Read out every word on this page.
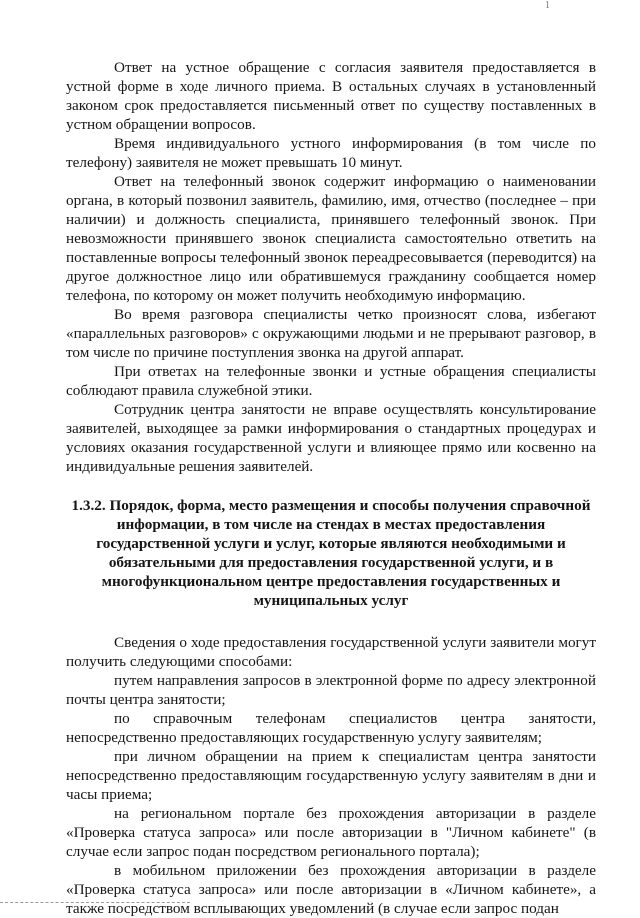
1

Ответ на устное обращение с согласия заявителя предоставляется в устной форме в ходе личного приема. В остальных случаях в установленный законом срок предоставляется письменный ответ по существу поставленных в устном обращении вопросов.

Время индивидуального устного информирования (в том числе по телефону) заявителя не может превышать 10 минут.

Ответ на телефонный звонок содержит информацию о наименовании органа, в который позвонил заявитель, фамилию, имя, отчество (последнее – при наличии) и должность специалиста, принявшего телефонный звонок. При невозможности принявшего звонок специалиста самостоятельно ответить на поставленные вопросы телефонный звонок переадресовывается (переводится) на другое должностное лицо или обратившемуся гражданину сообщается номер телефона, по которому он может получить необходимую информацию.

Во время разговора специалисты четко произносят слова, избегают «параллельных разговоров» с окружающими людьми и не прерывают разговор, в том числе по причине поступления звонка на другой аппарат.

При ответах на телефонные звонки и устные обращения специалисты соблюдают правила служебной этики.

Сотрудник центра занятости не вправе осуществлять консультирование заявителей, выходящее за рамки информирования о стандартных процедурах и условиях оказания государственной услуги и влияющее прямо или косвенно на индивидуальные решения заявителей.

1.3.2. Порядок, форма, место размещения и способы получения справочной информации, в том числе на стендах в местах предоставления государственной услуги и услуг, которые являются необходимыми и обязательными для предоставления государственной услуги, и в многофункциональном центре предоставления государственных и муниципальных услуг

Сведения о ходе предоставления государственной услуги заявители могут получить следующими способами:

путем направления запросов в электронной форме по адресу электронной почты центра занятости;

по справочным телефонам специалистов центра занятости, непосредственно предоставляющих государственную услугу заявителям;

при личном обращении на прием к специалистам центра занятости непосредственно предоставляющим государственную услугу заявителям в дни и часы приема;

на региональном портале без прохождения авторизации в разделе «Проверка статуса запроса» или после авторизации в "Личном кабинете" (в случае если запрос подан посредством регионального портала);

в мобильном приложении без прохождения авторизации в разделе «Проверка статуса запроса» или после авторизации в «Личном кабинете», а также посредством всплывающих уведомлений (в случае если запрос подан
